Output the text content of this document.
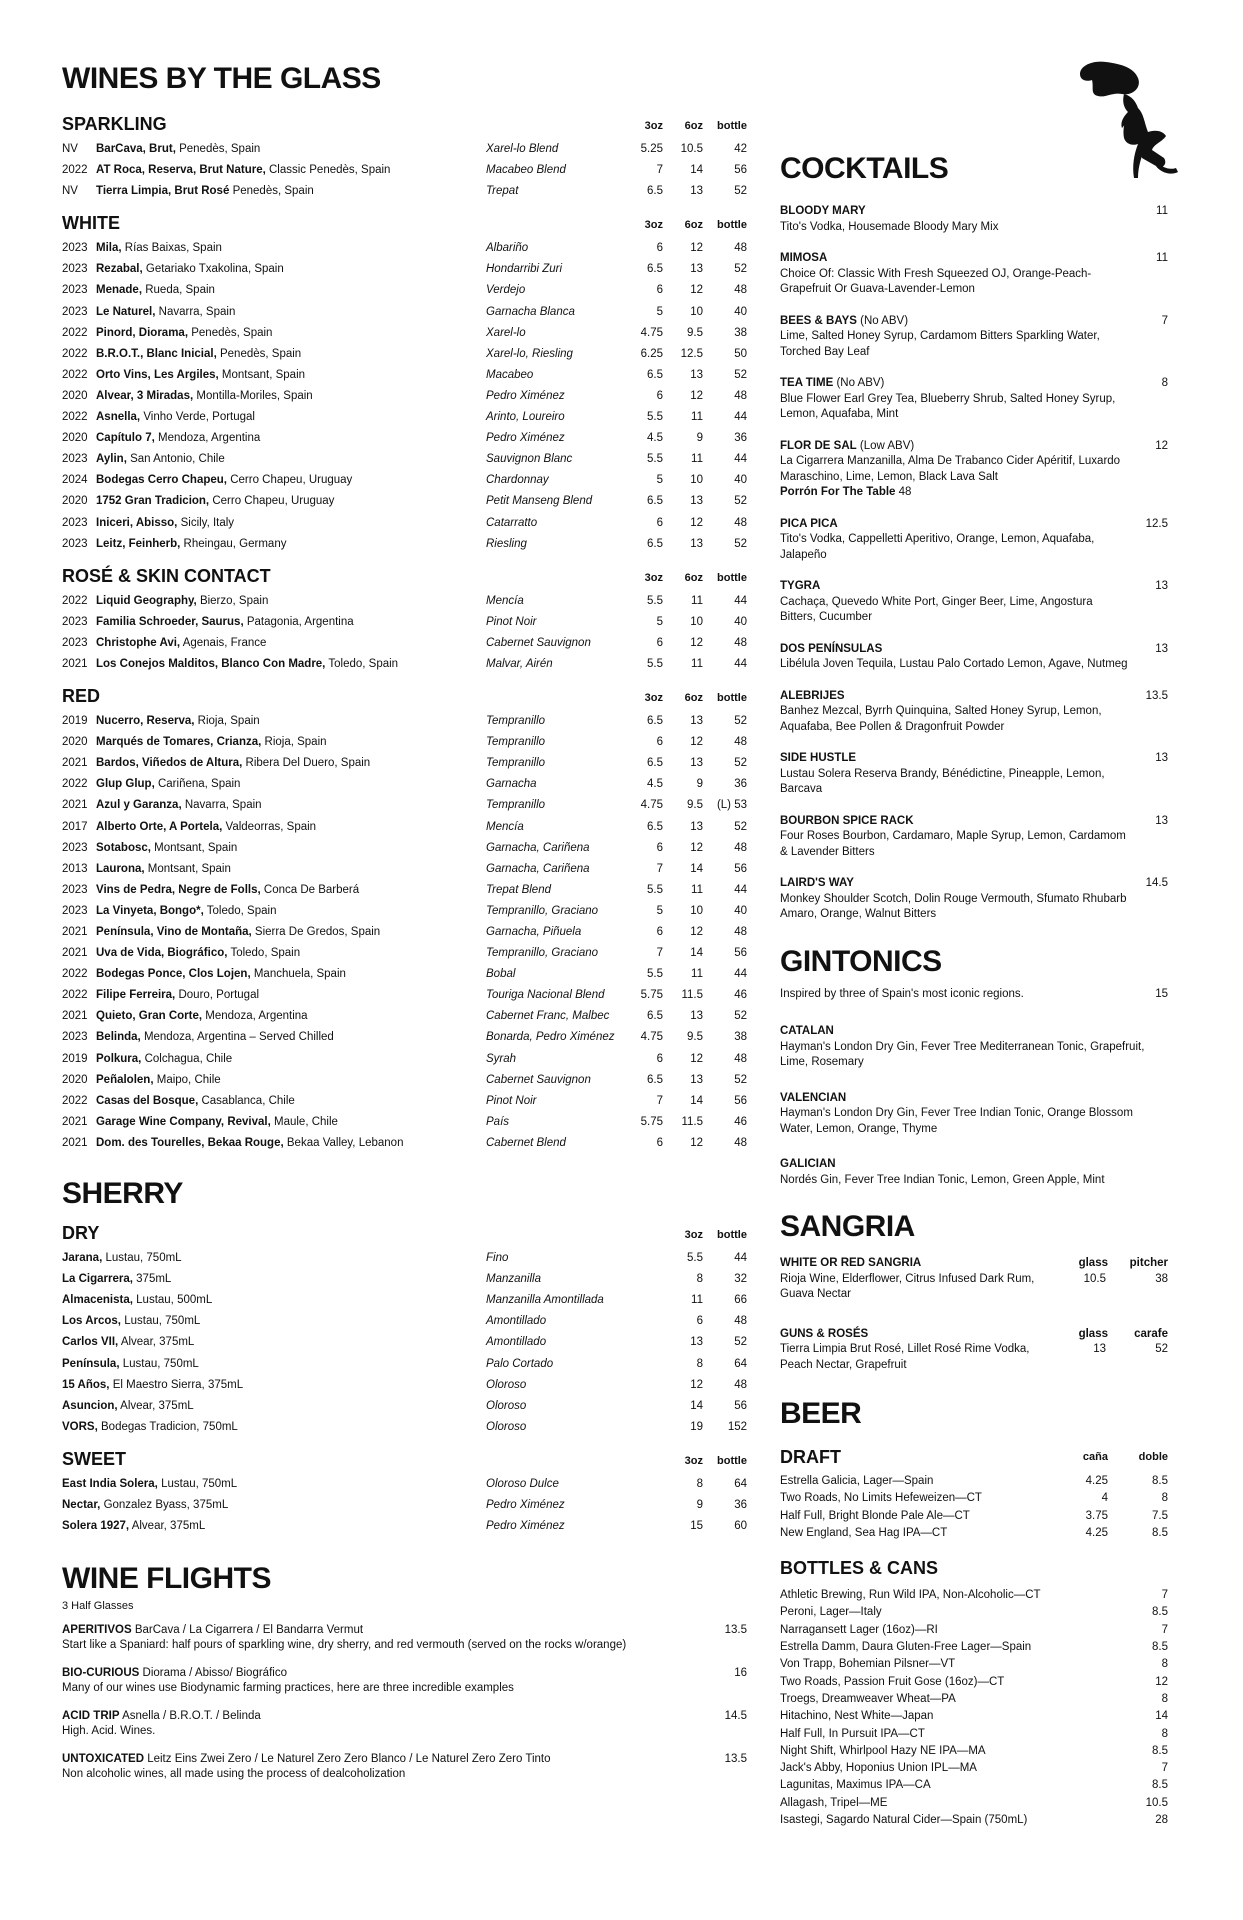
WINES BY THE GLASS
SPARKLING	3oz 6oz bottle
NV BarCava, Brut, Penedès, Spain	Xarel-lo Blend	5.25 10.5	42
2022 AT Roca, Reserva, Brut Nature, Classic Penedès, Spain	Macabeo Blend	7 14	56
NV Tierra Limpia, Brut Rosé Penedès, Spain	Trepat	6.5 13	52
WHITE	3oz 6oz bottle
2023 Mila, Rías Baixas, Spain	Albariño	6 12	48
2023 Rezabal, Getariako Txakolina, Spain	Hondarribi Zuri	6.5 13	52
2023 Menade, Rueda, Spain	Verdejo	6 12	48
2023 Le Naturel, Navarra, Spain	Garnacha Blanca	5 10	40
2022 Pinord, Diorama, Penedès, Spain	Xarel-lo	4.75 9.5	38
2022 B.R.O.T., Blanc Inicial, Penedès, Spain	Xarel-lo, Riesling	6.25 12.5	50
2022 Orto Vins, Les Argiles, Montsant, Spain	Macabeo	6.5 13	52
2020 Alvear, 3 Miradas, Montilla-Moriles, Spain	Pedro Ximénez	6 12	48
2022 Asnella, Vinho Verde, Portugal	Arinto, Loureiro	5.5 11	44
2020 Capítulo 7, Mendoza, Argentina	Pedro Ximénez	4.5	9	36
2023 Aylin, San Antonio, Chile	Sauvignon Blanc	5.5 11	44
2024 Bodegas Cerro Chapeu, Cerro Chapeu, Uruguay	Chardonnay	5 10	40
2020 1752 Gran Tradicion, Cerro Chapeu, Uruguay	Petit Manseng Blend	6.5 13	52
2023 Iniceri, Abisso, Sicily, Italy	Catarratto	6 12	48
2023 Leitz, Feinherb, Rheingau, Germany	Riesling	6.5 13	52
ROSÉ & SKIN CONTACT	3oz 6oz bottle
2022 Liquid Geography, Bierzo, Spain	Mencía	5.5 11	44
2023 Familia Schroeder, Saurus, Patagonia, Argentina	Pinot Noir	5 10	40
2023 Christophe Avi, Agenais, France	Cabernet Sauvignon	6 12	48
2021 Los Conejos Malditos, Blanco Con Madre, Toledo, Spain	Malvar, Airén	5.5 11	44
RED	3oz 6oz bottle
2019 Nucerro, Reserva, Rioja, Spain	Tempranillo	6.5 13	52
2020 Marqués de Tomares, Crianza, Rioja, Spain	Tempranillo	6 12	48
2021 Bardos, Viñedos de Altura, Ribera Del Duero, Spain	Tempranillo	6.5 13	52
2022 Glup Glup, Cariñena, Spain	Garnacha	4.5	9	36
2021 Azul y Garanza, Navarra, Spain	Tempranillo	4.75 9.5 (L) 53
2017 Alberto Orte, A Portela, Valdeorras, Spain	Mencía	6.5 13	52
2023 Sotabosc, Montsant, Spain	Garnacha, Cariñena	6 12	48
2013 Laurona, Montsant, Spain	Garnacha, Cariñena	7 14	56
2023 Vins de Pedra, Negre de Folls, Conca De Barberá	Trepat Blend	5.5 11	44
2023 La Vinyeta, Bongo*, Toledo, Spain	Tempranillo, Graciano	5 10	40
2021 Península, Vino de Montaña, Sierra De Gredos, Spain	Garnacha, Piñuela	6 12	48
2021 Uva de Vida, Biográfico, Toledo, Spain	Tempranillo, Graciano	7 14	56
2022 Bodegas Ponce, Clos Lojen, Manchuela, Spain	Bobal	5.5 11	44
2022 Filipe Ferreira, Douro, Portugal	Touriga Nacional Blend	5.75 11.5	46
2021 Quieto, Gran Corte, Mendoza, Argentina	Cabernet Franc, Malbec	6.5 13	52
2023 Belinda, Mendoza, Argentina – Served Chilled	Bonarda, Pedro Ximénez 4.75 9.5	38
2019 Polkura, Colchagua, Chile	Syrah	6 12	48
2020 Peñalolen, Maipo, Chile	Cabernet Sauvignon	6.5 13	52
2022 Casas del Bosque, Casablanca, Chile	Pinot Noir	7 14	56
2021 Garage Wine Company, Revival, Maule, Chile	País	5.75 11.5	46
2021 Dom. des Tourelles, Bekaa Rouge, Bekaa Valley, Lebanon	Cabernet Blend	6 12	48
SHERRY
DRY	3oz bottle
Jarana, Lustau, 750mL	Fino	5.5	44
La Cigarrera, 375mL	Manzanilla	8	32
Almacenista, Lustau, 500mL	Manzanilla Amontillada	11	66
Los Arcos, Lustau, 750mL	Amontillado	6	48
Carlos VII, Alvear, 375mL	Amontillado	13	52
Península, Lustau, 750mL	Palo Cortado	8	64
15 Años, El Maestro Sierra, 375mL	Oloroso	12	48
Asuncion, Alvear, 375mL	Oloroso	14	56
VORS, Bodegas Tradicion, 750mL	Oloroso	19 152
SWEET	3oz bottle
East India Solera, Lustau, 750mL	Oloroso Dulce	8	64
Nectar, Gonzalez Byass, 375mL	Pedro Ximénez	9	36
Solera 1927, Alvear, 375mL	Pedro Ximénez	15	60
WINE FLIGHTS
3 Half Glasses
APERITIVOS BarCava / La Cigarrera / El Bandarra Vermut
Start like a Spaniard: half pours of sparkling wine, dry sherry, and red vermouth (served on the rocks w/orange)
13.5
BIO-CURIOUS Diorama / Abisso/ Biográfico
Many of our wines use Biodynamic farming practices, here are three incredible examples
16
ACID TRIP Asnella / B.R.O.T. / Belinda
High. Acid. Wines.
14.5
UNTOXICATED Leitz Eins Zwei Zero / Le Naturel Zero Zero Blanco / Le Naturel Zero Zero Tinto
Non alcoholic wines, all made using the process of dealcoholization
13.5
COCKTAILS
BLOODY MARY
Tito's Vodka, Housemade Bloody Mary Mix
11
MIMOSA
Choice Of: Classic With Fresh Squeezed OJ, Orange-Peach-Grapefruit Or Guava-Lavender-Lemon
11
BEES & BAYS (No ABV)
Lime, Salted Honey Syrup, Cardamom Bitters Sparkling Water, Torched Bay Leaf
7
TEA TIME (No ABV)
Blue Flower Earl Grey Tea, Blueberry Shrub, Salted Honey Syrup, Lemon, Aquafaba, Mint
8
FLOR DE SAL (Low ABV)
La Cigarrera Manzanilla, Alma De Trabanco Cider Apéritif, Luxardo Maraschino, Lime, Lemon, Black Lava Salt
Porrón For The Table 48
12
PICA PICA
Tito's Vodka, Cappelletti Aperitivo, Orange, Lemon, Aquafaba, Jalapeño
12.5
TYGRA
Cachaça, Quevedo White Port, Ginger Beer, Lime, Angostura Bitters, Cucumber
13
DOS PENÍNSULAS
Libélula Joven Tequila, Lustau Palo Cortado Lemon, Agave, Nutmeg
13
ALEBRIJES
Banhez Mezcal, Byrrh Quinquina, Salted Honey Syrup, Lemon, Aquafaba, Bee Pollen & Dragonfruit Powder
13.5
SIDE HUSTLE
Lustau Solera Reserva Brandy, Bénédictine, Pineapple, Lemon, Barcava
13
BOURBON SPICE RACK
Four Roses Bourbon, Cardamaro, Maple Syrup, Lemon, Cardamom & Lavender Bitters
13
LAIRD'S WAY
Monkey Shoulder Scotch, Dolin Rouge Vermouth, Sfumato Rhubarb Amaro, Orange, Walnut Bitters
14.5
GINTONICS
Inspired by three of Spain's most iconic regions.	15
CATALAN
Hayman's London Dry Gin, Fever Tree Mediterranean Tonic, Grapefruit, Lime, Rosemary
VALENCIAN
Hayman's London Dry Gin, Fever Tree Indian Tonic, Orange Blossom Water, Lemon, Orange, Thyme
GALICIAN
Nordés Gin, Fever Tree Indian Tonic, Lemon, Green Apple, Mint
SANGRIA
WHITE OR RED SANGRIA
Rioja Wine, Elderflower, Citrus Infused Dark Rum, Guava Nectar
glass pitcher
10.5	38
GUNS & ROSÉS
Tierra Limpia Brut Rosé, Lillet Rosé Rime Vodka, Peach Nectar, Grapefruit
glass carafe
13	52
BEER
DRAFT	caña	doble
Estrella Galicia, Lager—Spain	4.25	8.5
Two Roads, No Limits Hefeweizen—CT	4	8
Half Full, Bright Blonde Pale Ale—CT	3.75	7.5
New England, Sea Hag IPA—CT	4.25	8.5
BOTTLES & CANS
Athletic Brewing, Run Wild IPA, Non-Alcoholic—CT	7
Peroni, Lager—Italy	8.5
Narragansett Lager (16oz)—RI	7
Estrella Damm, Daura Gluten-Free Lager—Spain	8.5
Von Trapp, Bohemian Pilsner—VT	8
Two Roads, Passion Fruit Gose (16oz)—CT	12
Troegs, Dreamweaver Wheat—PA	8
Hitachino, Nest White—Japan	14
Half Full, In Pursuit IPA—CT	8
Night Shift, Whirlpool Hazy NE IPA—MA	8.5
Jack's Abby, Hoponius Union IPL—MA	7
Lagunitas, Maximus IPA—CA	8.5
Allagash, Tripel—ME	10.5
Isastegi, Sagardo Natural Cider—Spain (750mL)	28
